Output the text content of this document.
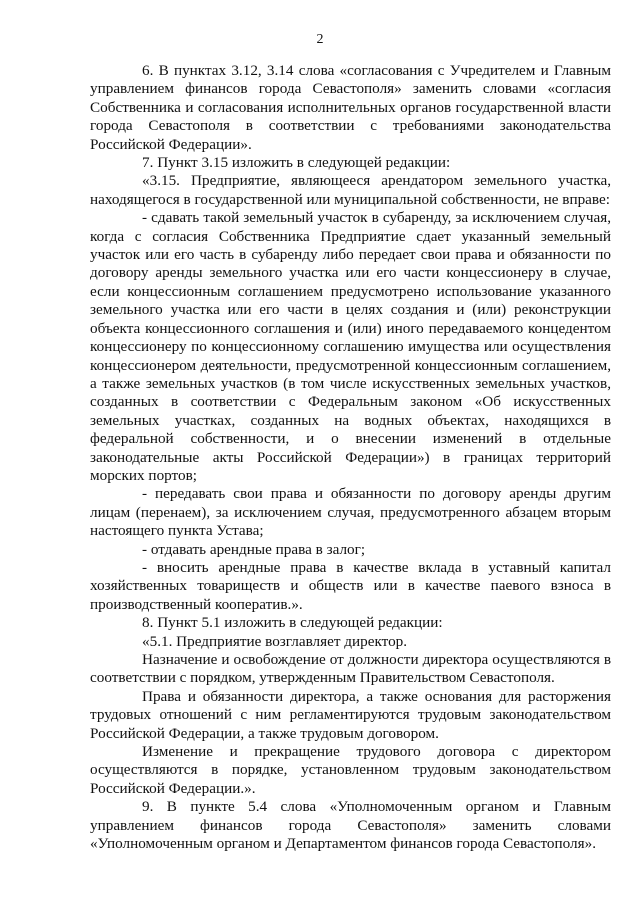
2

6. В пунктах 3.12, 3.14 слова «согласования с Учредителем и Главным управлением финансов города Севастополя» заменить словами «согласия Собственника и согласования исполнительных органов государственной власти города Севастополя в соответствии с требованиями законодательства Российской Федерации».

7. Пункт 3.15 изложить в следующей редакции:

«3.15. Предприятие, являющееся арендатором земельного участка, находящегося в государственной или муниципальной собственности, не вправе:

- сдавать такой земельный участок в субаренду, за исключением случая, когда с согласия Собственника Предприятие сдает указанный земельный участок или его часть в субаренду либо передает свои права и обязанности по договору аренды земельного участка или его части концессионеру в случае, если концессионным соглашением предусмотрено использование указанного земельного участка или его части в целях создания и (или) реконструкции объекта концессионного соглашения и (или) иного передаваемого концедентом концессионеру по концессионному соглашению имущества или осуществления концессионером деятельности, предусмотренной концессионным соглашением, а также земельных участков (в том числе искусственных земельных участков, созданных в соответствии с Федеральным законом «Об искусственных земельных участках, созданных на водных объектах, находящихся в федеральной собственности, и о внесении изменений в отдельные законодательные акты Российской Федерации») в границах территорий морских портов;

- передавать свои права и обязанности по договору аренды другим лицам (перенаем), за исключением случая, предусмотренного абзацем вторым настоящего пункта Устава;

- отдавать арендные права в залог;

- вносить арендные права в качестве вклада в уставный капитал хозяйственных товариществ и обществ или в качестве паевого взноса в производственный кооператив.».

8. Пункт 5.1 изложить в следующей редакции:

«5.1. Предприятие возглавляет директор.

Назначение и освобождение от должности директора осуществляются в соответствии с порядком, утвержденным Правительством Севастополя.

Права и обязанности директора, а также основания для расторжения трудовых отношений с ним регламентируются трудовым законодательством Российской Федерации, а также трудовым договором.

Изменение и прекращение трудового договора с директором осуществляются в порядке, установленном трудовым законодательством Российской Федерации.».

9. В пункте 5.4 слова «Уполномоченным органом и Главным управлением финансов города Севастополя» заменить словами «Уполномоченным органом и Департаментом финансов города Севастополя».
